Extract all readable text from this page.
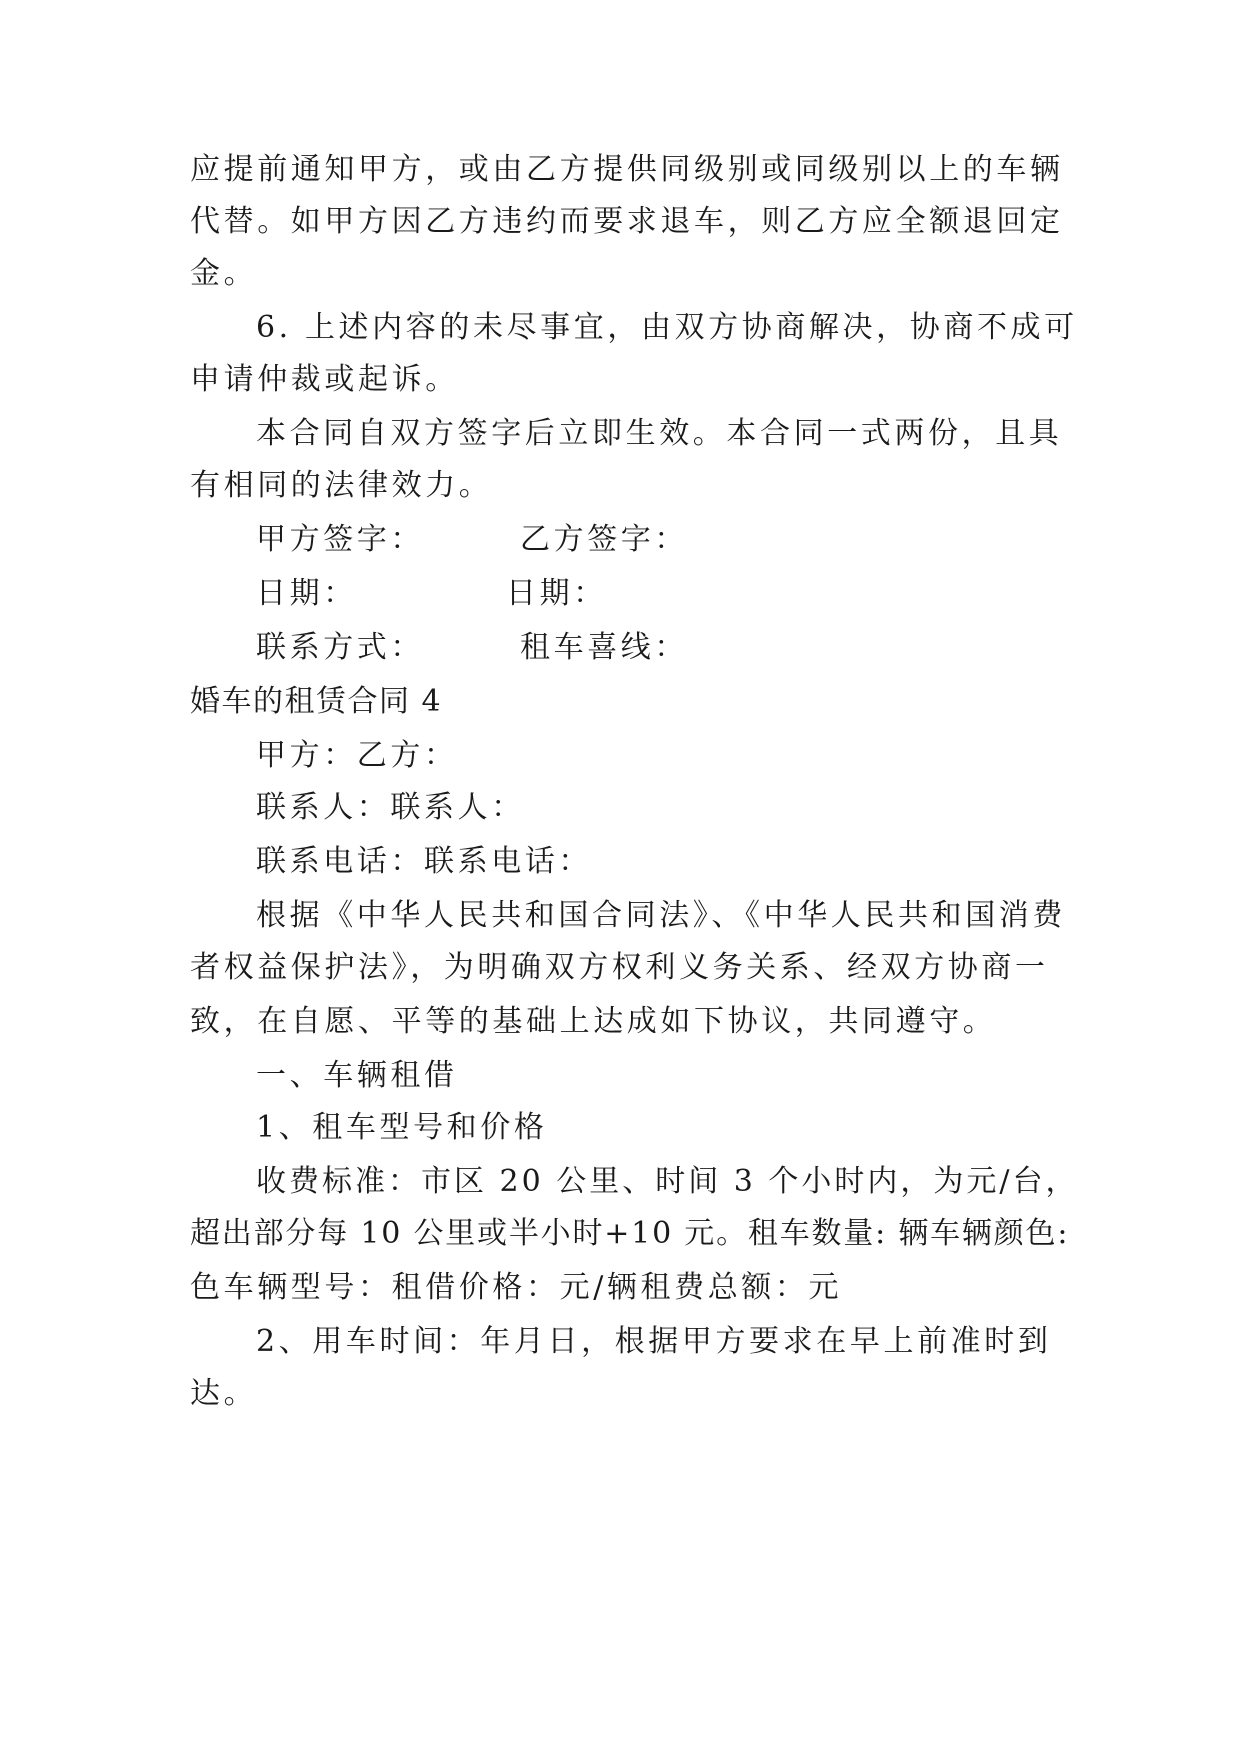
应提前通知甲方，或由乙方提供同级别或同级别以上的车辆
代替。如甲方因乙方违约而要求退车，则乙方应全额退回定
金。
6. 上述内容的未尽事宜，由双方协商解决，协商不成可
申请仲裁或起诉。
本合同自双方签字后立即生效。本合同一式两份，且具
有相同的法律效力。
甲方签字：	乙方签字：
日期：	日期：
联系方式：	租车喜线：
婚车的租赁合同 4
甲方：乙方：
联系人：联系人：
联系电话：联系电话：
根据《中华人民共和国合同法》、《中华人民共和国消费
者权益保护法》，为明确双方权利义务关系、经双方协商一
致，在自愿、平等的基础上达成如下协议，共同遵守。
一、车辆租借
1、租车型号和价格
收费标准：市区 20 公里、时间 3 个小时内，为元/台，
超出部分每 10 公里或半小时+10 元。租车数量: 辆车辆颜色:
色车辆型号：租借价格：元/辆租费总额：元
2、用车时间：年月日，根据甲方要求在早上前准时到
达。
